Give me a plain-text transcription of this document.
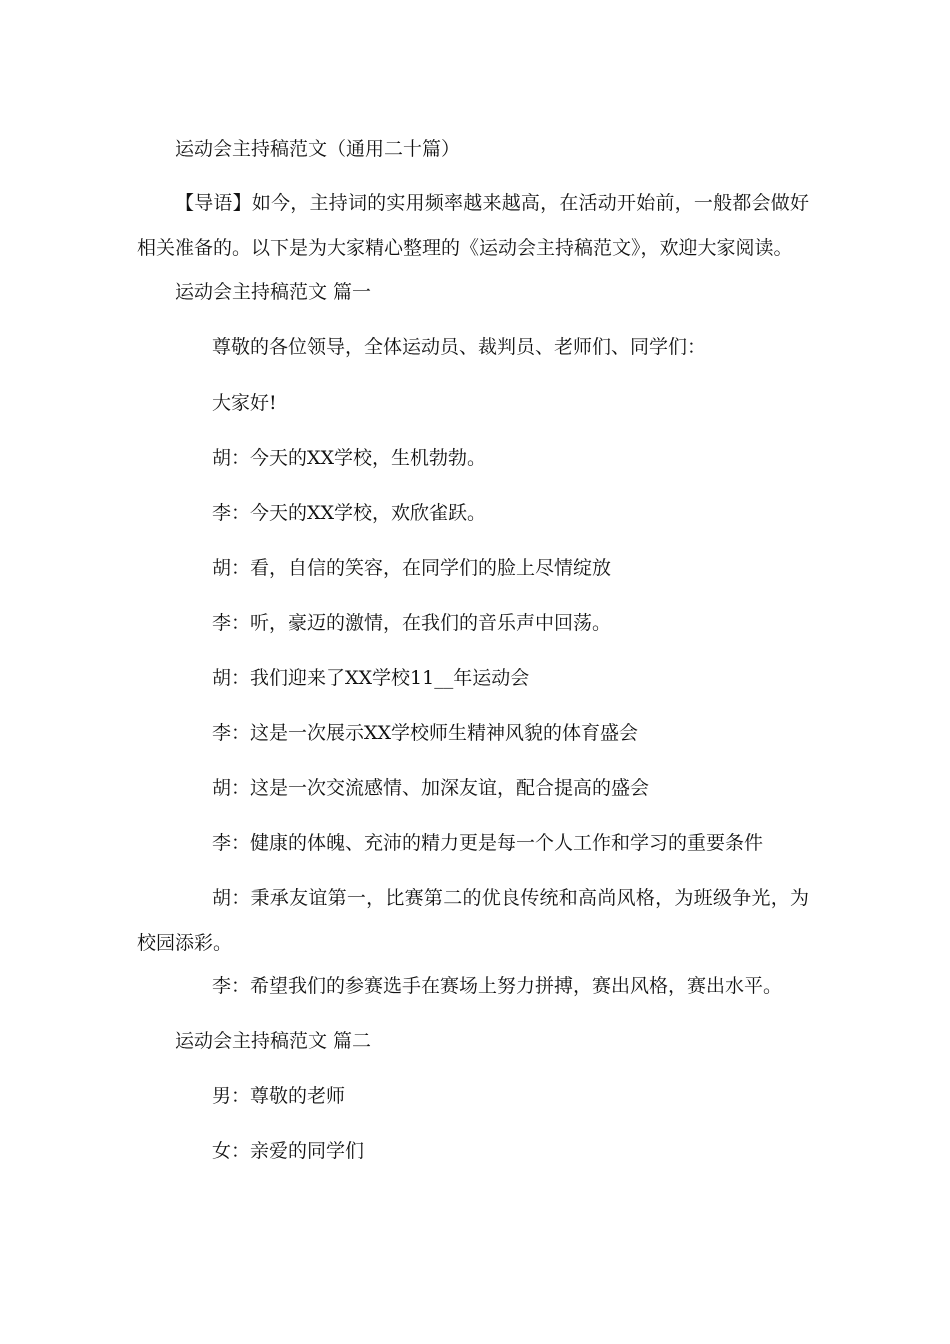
运动会主持稿范文（通用二十篇）
【导语】如今，主持词的实用频率越来越高，在活动开始前，一般都会做好相关准备的。以下是为大家精心整理的《运动会主持稿范文》，欢迎大家阅读。
运动会主持稿范文 篇一
尊敬的各位领导，全体运动员、裁判员、老师们、同学们：
大家好!
胡：今天的XX学校，生机勃勃。
李：今天的XX学校，欢欣雀跃。
胡：看，自信的笑容，在同学们的脸上尽情绽放
李：听，豪迈的激情，在我们的音乐声中回荡。
胡：我们迎来了XX学校11__年运动会
李：这是一次展示XX学校师生精神风貌的体育盛会
胡：这是一次交流感情、加深友谊，配合提高的盛会
李：健康的体魄、充沛的精力更是每一个人工作和学习的重要条件
胡：秉承友谊第一，比赛第二的优良传统和高尚风格，为班级争光，为校园添彩。
李：希望我们的参赛选手在赛场上努力拼搏，赛出风格，赛出水平。
运动会主持稿范文 篇二
男：尊敬的老师
女：亲爱的同学们
